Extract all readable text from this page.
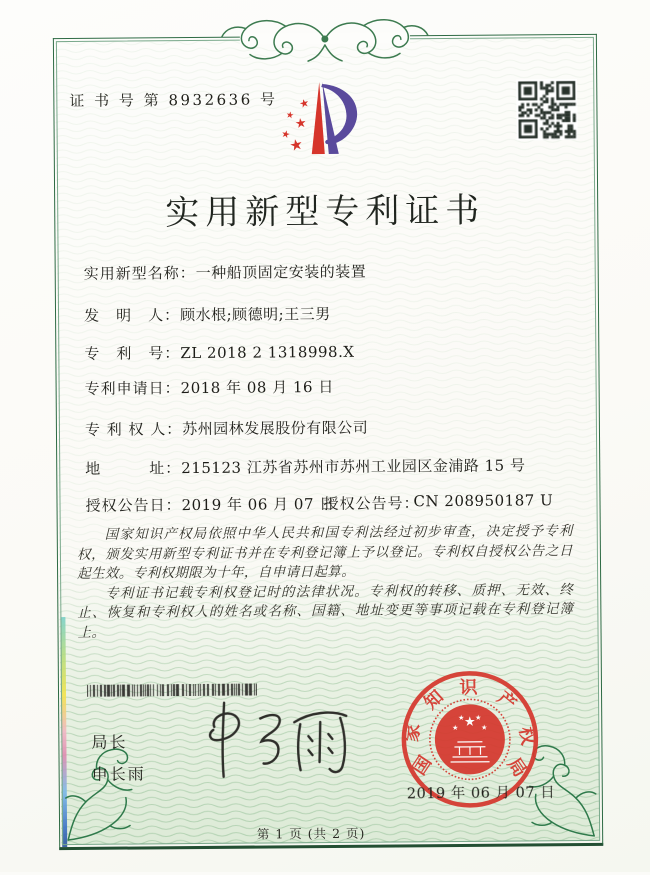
证 书 号 第 8932636 号 ★
★ ★
★
★
实用新型专利证书
实用新型名称：一种船顶固定安装的装置
发　明　人：顾水根;顾德明;王三男
专　利　号：ZL 2018 2 1318998.X
专利申请日：2018 年 08 月 16 日
专 利 权 人：苏州园林发展股份有限公司
地　　　址：215123 江苏省苏州市苏州工业园区金浦路 15 号
授权公告日：2019 年 06 月 07 日
授权公告号：
CN 208950187 U

国家知识产权局依照中华人民共和国专利法经过初步审查，决定授予专利权，颁发实用新型专利证书并在专利登记簿上予以登记。专利权自授权公告之日起生效。专利权期限为十年，自申请日起算。

专利证书记载专利权登记时的法律状况。专利权的转移、质押、无效、终止、恢复和专利权人的姓名或名称、国籍、地址变更等事项记载在专利登记簿上。

局长
申长雨
★
★
★ ★
★
国
家
知 识 产
权
局
2019 年 06 月 07 日
第 1 页 (共 2 页)
